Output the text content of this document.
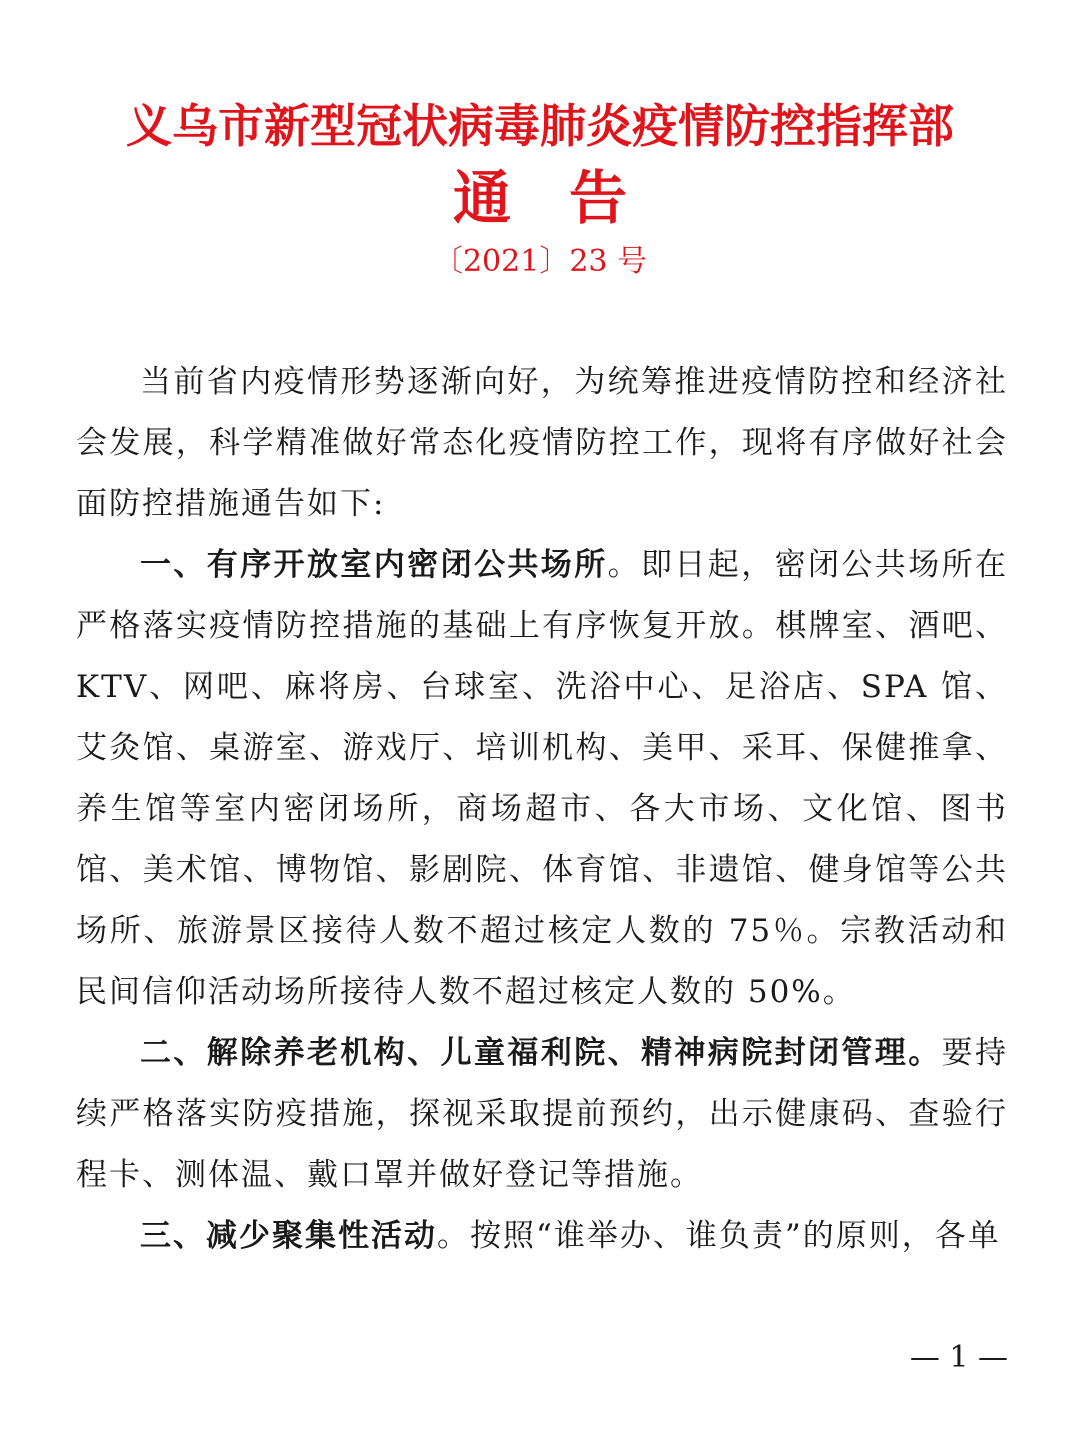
义乌市新型冠状病毒肺炎疫情防控指挥部
通 告
〔2021〕23 号

当前省内疫情形势逐渐向好，为统筹推进疫情防控和经济社会发展，科学精准做好常态化疫情防控工作，现将有序做好社会面防控措施通告如下:

一、有序开放室内密闭公共场所。即日起，密闭公共场所在严格落实疫情防控措施的基础上有序恢复开放。棋牌室、酒吧、KTV、网吧、麻将房、台球室、洗浴中心、足浴店、SPA 馆、艾灸馆、桌游室、游戏厅、培训机构、美甲、采耳、保健推拿、养生馆等室内密闭场所，商场超市、各大市场、文化馆、图书馆、美术馆、博物馆、影剧院、体育馆、非遗馆、健身馆等公共场所、旅游景区接待人数不超过核定人数的 75％。宗教活动和民间信仰活动场所接待人数不超过核定人数的 50%。

二、解除养老机构、儿童福利院、精神病院封闭管理。要持续严格落实防疫措施，探视采取提前预约，出示健康码、查验行程卡、测体温、戴口罩并做好登记等措施。

三、减少聚集性活动。按照“谁举办、谁负责”的原则，各单

— 1 —
